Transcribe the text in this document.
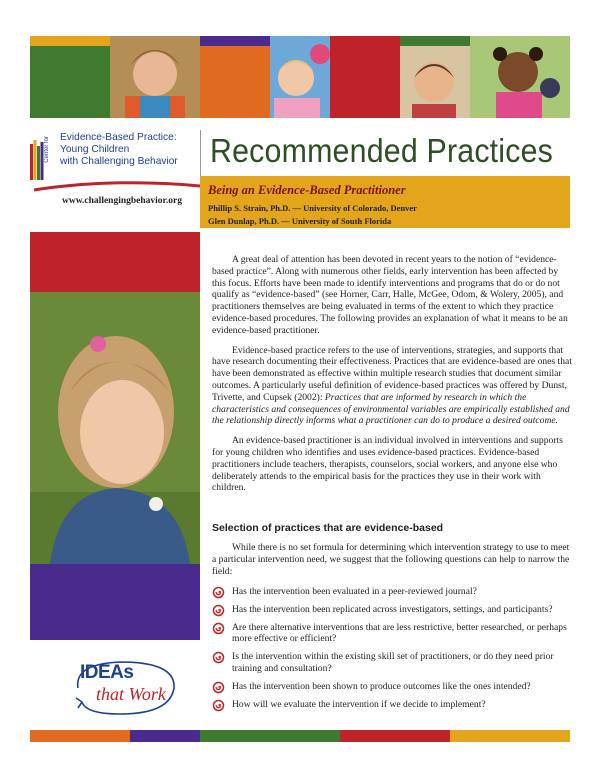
Center for Evidence-Based Practice:
Young Children
with Challenging Behavior
www.challengingbehavior.org
Recommended Practices
Being an Evidence-Based Practitioner
Phillip S. Strain, Ph.D. — University of Colorado, Denver
Glen Dunlap, Ph.D. — University of South Florida
IDEAs
that Work

A great deal of attention has been devoted in recent years to the notion of “evidence-based practice”. Along with numerous other fields, early intervention has been affected by this focus. Efforts have been made to identify interventions and programs that do or do not qualify as “evidence-based” (see Horner, Carr, Halle, McGee, Odom, & Wolery, 2005), and practitioners themselves are being evaluated in terms of the extent to which they practice evidence-based procedures. The following provides an explanation of what it means to be an evidence-based practitioner.

Evidence-based practice refers to the use of interventions, strategies, and supports that have research documenting their effectiveness. Practices that are evidence-based are ones that have been demonstrated as effective within multiple research studies that document similar outcomes. A particularly useful definition of evidence-based practices was offered by Dunst, Trivette, and Cupsek (2002): Practices that are informed by research in which the characteristics and consequences of environmental variables are empirically established and the relationship directly informs what a practitioner can do to produce a desired outcome.

An evidence-based practitioner is an individual involved in interventions and supports for young children who identifies and uses evidence-based practices. Evidence-based practitioners include teachers, therapists, counselors, social workers, and anyone else who deliberately attends to the empirical basis for the practices they use in their work with children.

Selection of practices that are evidence-based

While there is no set formula for determining which intervention strategy to use to meet a particular intervention need, we suggest that the following questions can help to narrow the field:

Has the intervention been evaluated in a peer-reviewed journal?
Has the intervention been replicated across investigators, settings, and participants?
Are there alternative interventions that are less restrictive, better researched, or perhaps more effective or efficient?
Is the intervention within the existing skill set of practitioners, or do they need prior training and consultation?
Has the intervention been shown to produce outcomes like the ones intended?
How will we evaluate the intervention if we decide to implement?
